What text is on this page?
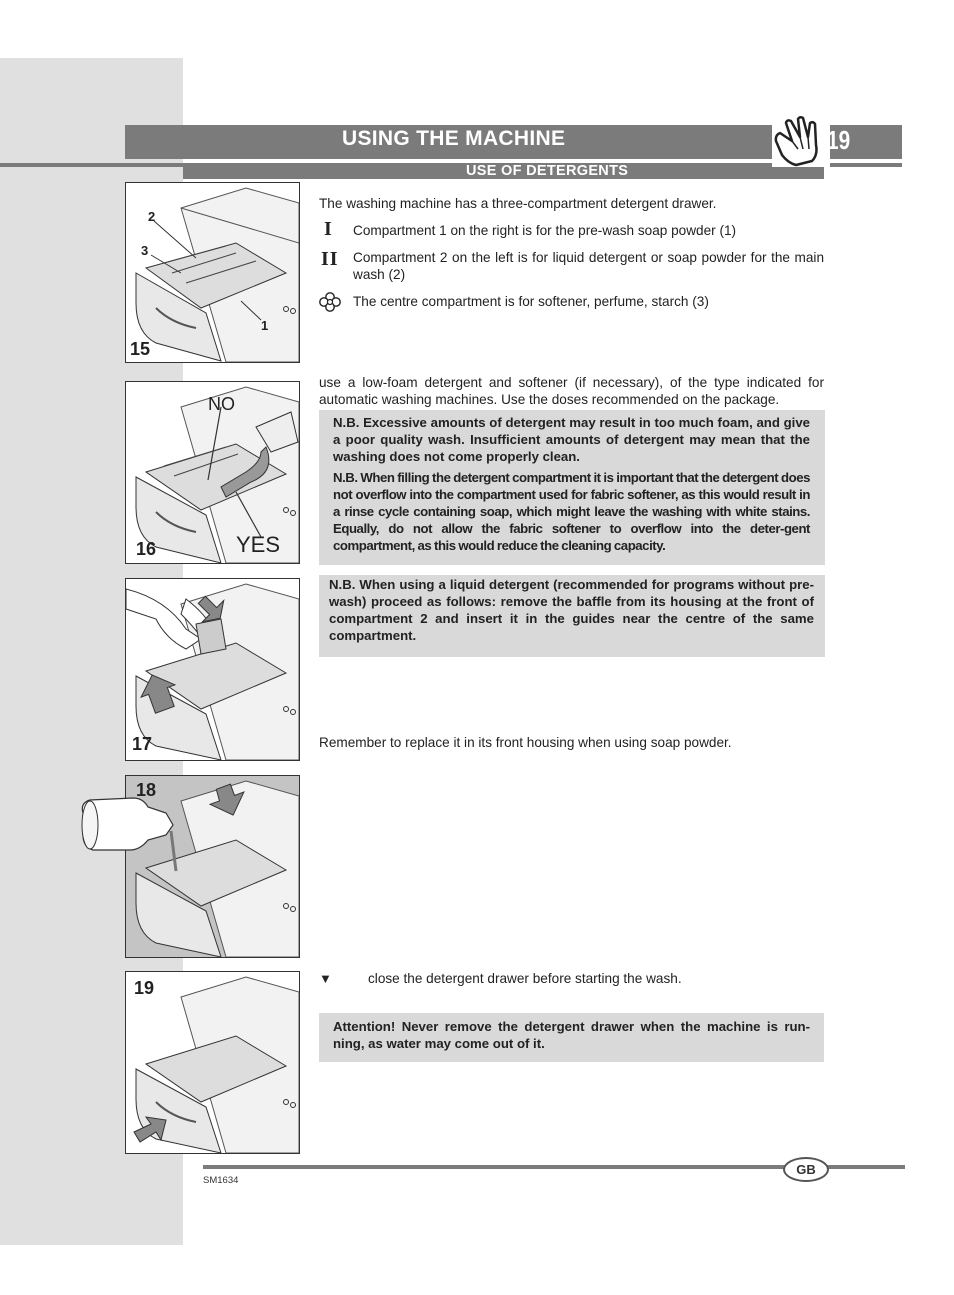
USING THE MACHINE
USE OF DETERGENTS
19
2
3
1
15
NO
YES
16
17
18
19
The washing machine has a three-compartment detergent drawer.
I Compartment 1 on the right is for the pre-wash soap powder (1)
II Compartment 2 on the left is for liquid detergent or soap powder for the main wash (2)
The centre compartment is for softener, perfume, starch (3)
use a low-foam detergent and softener (if necessary), of the type indicated for automatic washing machines. Use the doses recommended on the package.
N.B. Excessive amounts of detergent may result in too much foam, and give a poor quality wash. Insufficient amounts of detergent may mean that the washing does not come properly clean.
N.B. When filling the detergent compartment it is important that the detergent does not overflow into the compartment used for fabric softener, as this would result in a rinse cycle containing soap, which might leave the washing with white stains. Equally, do not allow the fabric softener to overflow into the deter-gent compartment, as this would reduce the cleaning capacity.
N.B. When using a liquid detergent (recommended for programs without pre-wash) proceed as follows: remove the baffle from its housing at the front of compartment 2 and insert it in the guides near the centre of the same compartment.
Remember to replace it in its front housing when using soap powder.
▼	close the detergent drawer before starting the wash.
Attention! Never remove the detergent drawer when the machine is run-ning, as water may come out of it.
GB
SM1634
